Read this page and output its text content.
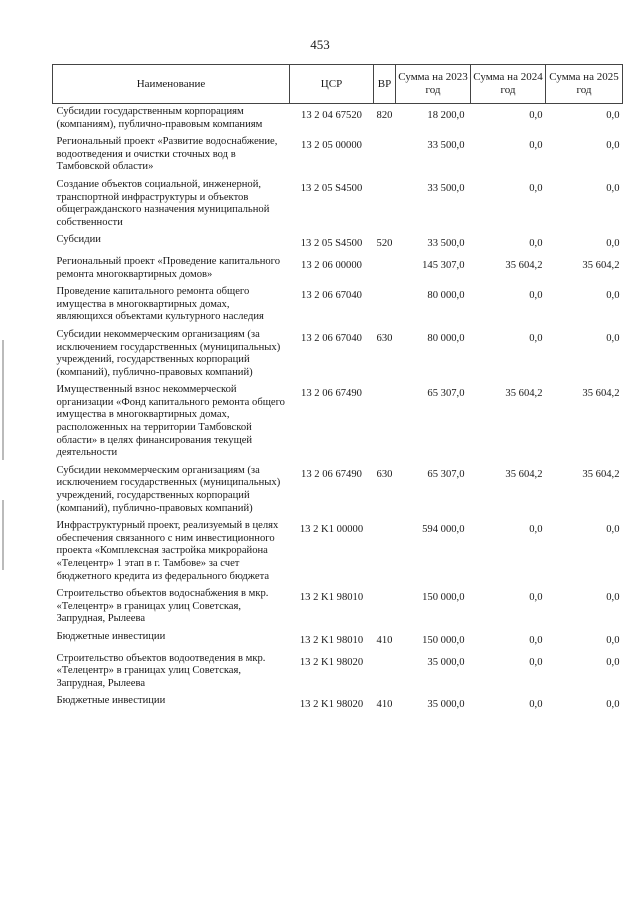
453
Наименование	ЦСР	ВР	Сумма на 2023 год	Сумма на 2024 год	Сумма на 2025 год
Субсидии государственным корпорациям (компаниям), публично-правовым компаниям	13 2 04 67520	820	18 200,0	0,0	0,0
Региональный проект «Развитие водоснабжение, водоотведения и очистки сточных вод в Тамбовской области»	13 2 05 00000		33 500,0	0,0	0,0
Создание объектов социальной, инженерной, транспортной инфраструктуры и объектов общегражданского назначения муниципальной собственности	13 2 05 S4500		33 500,0	0,0	0,0
Субсидии	13 2 05 S4500	520	33 500,0	0,0	0,0
Региональный проект «Проведение капитального ремонта многоквартирных домов»	13 2 06 00000		145 307,0	35 604,2	35 604,2
Проведение капитального ремонта общего имущества в многоквартирных домах, являющихся объектами культурного наследия	13 2 06 67040		80 000,0	0,0	0,0
Субсидии некоммерческим организациям (за исключением государственных (муниципальных) учреждений, государственных корпораций (компаний), публично-правовых компаний)	13 2 06 67040	630	80 000,0	0,0	0,0
Имущественный взнос некоммерческой организации «Фонд капитального ремонта общего имущества в многоквартирных домах, расположенных на территории Тамбовской области» в целях финансирования текущей деятельности	13 2 06 67490		65 307,0	35 604,2	35 604,2
Субсидии некоммерческим организациям (за исключением государственных (муниципальных) учреждений, государственных корпораций (компаний), публично-правовых компаний)	13 2 06 67490	630	65 307,0	35 604,2	35 604,2
Инфраструктурный проект, реализуемый в целях обеспечения связанного с ним инвестиционного проекта «Комплексная застройка микрорайона «Телецентр» 1 этап в г. Тамбове» за счет бюджетного кредита из федерального бюджета	13 2 K1 00000		594 000,0	0,0	0,0
Строительство объектов водоснабжения в мкр. «Телецентр» в границах улиц Советская, Запрудная, Рылеева	13 2 K1 98010		150 000,0	0,0	0,0
Бюджетные инвестиции	13 2 K1 98010	410	150 000,0	0,0	0,0
Строительство объектов водоотведения в мкр. «Телецентр» в границах улиц Советская, Запрудная, Рылеева	13 2 K1 98020		35 000,0	0,0	0,0
Бюджетные инвестиции	13 2 K1 98020	410	35 000,0	0,0	0,0
